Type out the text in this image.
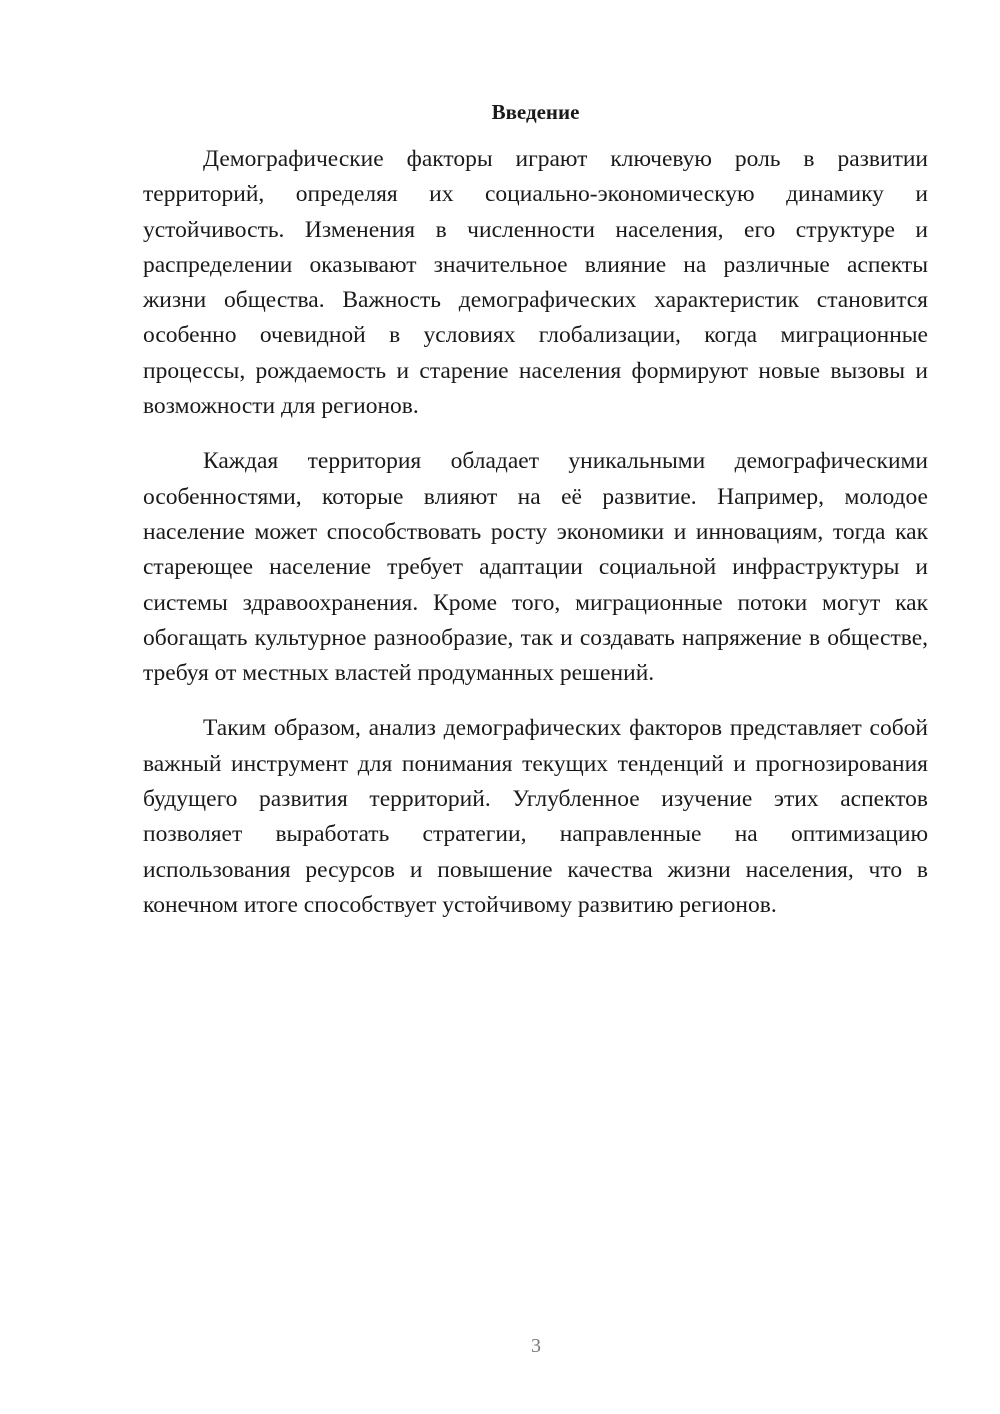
Введение

Демографические факторы играют ключевую роль в развитии территорий, определяя их социально-экономическую динамику и устойчивость. Изменения в численности населения, его структуре и распределении оказывают значительное влияние на различные аспекты жизни общества. Важность демографических характеристик становится особенно очевидной в условиях глобализации, когда миграционные процессы, рождаемость и старение населения формируют новые вызовы и возможности для регионов.

Каждая территория обладает уникальными демографическими особенностями, которые влияют на её развитие. Например, молодое население может способствовать росту экономики и инновациям, тогда как стареющее население требует адаптации социальной инфраструктуры и системы здравоохранения. Кроме того, миграционные потоки могут как обогащать культурное разнообразие, так и создавать напряжение в обществе, требуя от местных властей продуманных решений.

Таким образом, анализ демографических факторов представляет собой важный инструмент для понимания текущих тенденций и прогнозирования будущего развития территорий. Углубленное изучение этих аспектов позволяет выработать стратегии, направленные на оптимизацию использования ресурсов и повышение качества жизни населения, что в конечном итоге способствует устойчивому развитию регионов.

3
